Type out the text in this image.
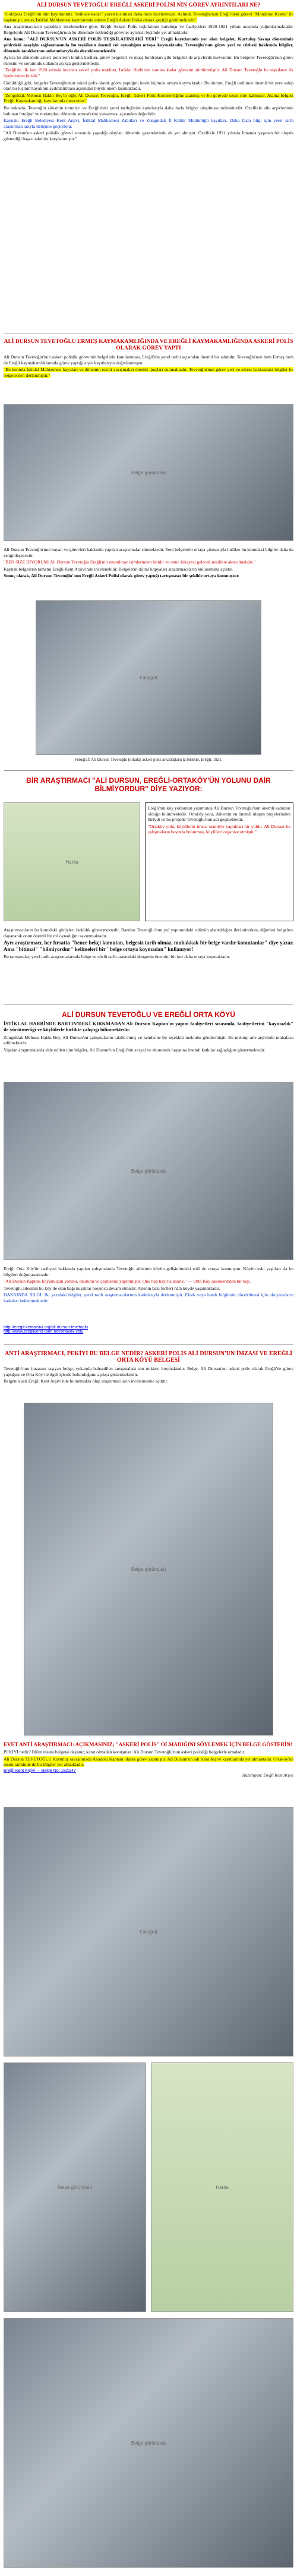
ALİ DURSUN TEVETOĞLU EREĞLİ ASKERİ POLİSİ NİN GÖREV AYRINTILARI NE?

"Goldpass Ereğli'nin tüm kayıtlarında "istiklale kadar" yazan kısımları daha önce incelenmişti. Aslında Tevetoğlu'nun Ereğli'deki görevi "Mondrion Kısmı" ile başlamıştı; ancak İstiklal Mahkemesi kayıtlarında adının Ereğli Askeri Polisi olarak geçtiği görülmektedir."

Ana araştırmacıların yaptıkları incelemelere göre, Ereğli Askeri Polis teşkilatının kuruluşu ve faaliyetleri 1920-1921 yılları arasında yoğunlaşmaktadır. Belgelerde Ali Dursun Tevetoğlu'nun bu dönemde üstlendiği görevler ayrıntılı biçimde yer almaktadır.

Ana konu: "ALİ DURSUN'UN ASKERİ POLİS TEŞKİLATINDAKİ YERİ" Ereğli kayıtlarında yer alan belgeler, Kurtuluş Savaşı döneminde şehirdeki asayişin sağlanmasında bu teşkilatın önemli rol oynadığını ortaya koymaktadır. Tevetoğlu'nun görev yeri ve rütbesi hakkında bilgiler, dönemin tanıklarının anlatımlarıyla da desteklenmektedir.

Ayrıca bu dönemde askeri polislerin kimlik kartları, görev belgeleri ve maaş bordroları gibi belgeler de arşivlerde mevcuttur. Bu belgeler Tevetoğlu'nun görev süresini ve sorumluluk alanını açıkça göstermektedir.

"Ereğli'de ilk kez 1920 yılında kurulan askeri polis teşkilatı, İstiklal Harbi'nin sonuna kadar görevini sürdürmüştür. Ali Dursun Tevetoğlu bu teşkilatın ilk üyelerinden biridir."

Görüldüğü gibi, belgeler Tevetoğlu'nun askeri polis olarak görev yaptığını kesin biçimde ortaya koymaktadır. Bu durum, Ereğli tarihinde önemli bir yere sahip olan bu kişinin hayatının aydınlatılması açısından büyük önem taşımaktadır.

"Zonguldak Mebusu Hakkı Bey'in oğlu Ali Dursun Tevetoğlu, Ereğli Askeri Polis Komiserliği'ne atanmış ve bu görevde uzun süre kalmıştır. Atama belgesi Ereğli Kaymakamlığı kayıtlarında mevcuttur."

Bu noktada, Tevetoğlu ailesinin torunları ve Ereğli'deki yerel tarihçilerin katkılarıyla daha fazla bilgiye ulaşılması mümkündür. Özellikle aile arşivlerinde bulunan fotoğraf ve mektuplar, dönemin atmosferini yansıtması açısından değerlidir.

Kaynak: Ereğli Belediyesi Kent Arşivi, İstiklal Mahkemesi Zabıtları ve Zonguldak İl Kültür Müdürlüğü kayıtları. Daha fazla bilgi için yerel tarih araştırmacılarıyla iletişime geçilebilir.

"Ali Dursun'un askeri polislik görevi sırasında yaşadığı olaylar, dönemin gazetelerinde de yer almıştır. Özellikle 1921 yılında limanda yaşanan bir olayda gösterdiği başarı takdirle karşılanmıştır."

ALİ DURSUN TEVETOĞLU ERMEŞ KAYMAKAMLIĞINDA VE EREĞLİ KAYMAKAMLIĞINDA ASKERİ POLİS OLARAK GÖREV YAPTI

Ali Dursun Tevetoğlu'nun askeri polislik görevinin belgelerle kanıtlanması, Ereğli'nin yerel tarihi açısından önemli bir adımdır. Tevetoğlu'nun hem Ermeş hem de Ereğli kaymakamlıklarında görev yaptığı arşiv kayıtlarıyla doğrulanmıştır.

"Bu konuda İstiklal Mahkemesi kayıtları ve dönemin resmi yazışmaları önemli ipuçları sunmaktadır. Tevetoğlu'nun görev yeri ve süresi hakkındaki bilgiler bu belgelerden derlenmiştir."

Belge görüntüsü

Ali Dursun Tevetoğlu'nun hayatı ve görevleri hakkında yapılan araştırmalar sürmektedir. Yeni belgelerin ortaya çıkmasıyla birlikte bu konudaki bilgiler daha da zenginleşecektir.

"BEN SİZE DİYORUM: Ali Dursun Tevetoğlu Ereğli'nin unutulmaz isimlerinden biridir ve onun hikayesi gelecek nesillere aktarılmalıdır."

Kaynak belgelerin tamamı Ereğli Kent Arşivi'nde incelenebilir. Belgelerin dijital kopyaları araştırmacıların kullanımına açıktır.

Sonuç olarak, Ali Dursun Tevetoğlu'nun Ereğli Askeri Polisi olarak görev yaptığı tartışmasız bir şekilde ortaya konmuştur.

Fotoğraf
Fotoğraf: Ali Dursun Tevetoğlu (ortada) askeri polis arkadaşlarıyla birlikte, Ereğli, 1921.
BİR ARAŞTIRMACI "ALİ DURSUN, EREĞLİ-ORTAKÖY'ÜN YOLUNU DAİR BİLMİYORDUR" DİYE YAZIYOR:
Harita

Ereğli'nin köy yollarının yapımında Ali Dursun Tevetoğlu'nun önemli katkıları olduğu bilinmektedir. Ortaköy yolu, dönemin en önemli ulaşım projelerinden biriydi ve bu projede Tevetoğlu'nun adı geçmektedir.

"Ortaköy yolu, köylülerin imece usulüyle yaptıkları bir yoldu. Ali Dursun bu çalışmaların başında bulunmuş, köylüleri organize etmiştir."

Araştırmacıların bu konudaki görüşleri farklılık göstermektedir. Bazıları Tevetoğlu'nun yol yapımındaki rolünün abartıldığını ileri sürerken, diğerleri belgelere dayanarak onun önemli bir rol oynadığını savunmaktadır.

Ayrı araştırmacı, her fırsatta "bence bekçi komutan, belgesiz tarih olmaz, muhakkak bir belge vardır komutanlar" diye yazar. Ama "bitimal" "bilmiyordur" kelimeleri bir "belge ortaya koymadan" kullanıyor!

Bu tartışmalar, yerel tarih araştırmalarında belge ve sözlü tarih arasındaki dengenin önemini bir kez daha ortaya koymaktadır.

ALİ DURSUN TEVETOĞLU VE EREĞLİ ORTA KÖYÜ

İSTİKLAL HARBİNDE BARTIN'DEKİ KIRKMADAN Ali Dursun Kaptan'ın yapım faaliyetleri sırasında, faaliyetlerini "kayıtsızlık" ile yürütmediği ve köylülerle birlikte çalıştığı bilinmektedir.

Zonguldak Mebusu Hakkı Bey, Ali Dursun'un çalışmalarını takdir etmiş ve kendisine bir teşekkür mektubu göndermiştir. Bu mektup aile arşivinde muhafaza edilmektedir.

Yapılan araştırmalarda elde edilen tüm bilgiler, Ali Dursun'un Ereğli'nin sosyal ve ekonomik hayatına önemli katkılar sağladığını göstermektedir.

Belge görüntüsü

Ereğli Orta Köy'ün tarihçesi hakkında yapılan çalışmalarda Tevetoğlu ailesinin köyün gelişimindeki rolü de ortaya konmuştur. Köyün eski yaşlıları da bu bilgileri doğrulamaktadır.

"Ali Dursun Kaptan, köyümüzün yolunu, okulunu ve çeşmesini yaptırmıştır. Onu hep hayırla anarız." — Orta Köy sakinlerinden bir kişi.

Tevetoğlu ailesinin bu köy ile olan bağı kuşaklar boyunca devam etmiştir. Ailenin bazı fertleri hâlâ köyde yaşamaktadır.

HAKKINDA BİLGİ: Bu yazıdaki bilgiler, yerel tarih araştırmacılarının katkılarıyla derlenmiştir. Eksik veya hatalı bilgilerin düzeltilmesi için okuyucuların katkıları beklenmektedir.

http://eregli-kentarsivi.org/ali-dursun-tevetoglu
http://www.eregliyerel-tarih.net/ortakoy-yolu
ANTİ ARAŞTIRMACI, PEKİYİ BU BELGE NEDİR? ASKERİ POLİS ALİ DURSUN'UN İMZASI VE EREĞLİ ORTA KÖYÜ BELGESİ

Tevetoğlu'nun imzasını taşıyan belge, yukarıda bahsedilen tartışmalara son noktayı koymaktadır. Belge, Ali Dursun'un askeri polis olarak Ereğli'de görev yaptığını ve Orta Köy ile ilgili işlerde bulunduğunu açıkça göstermektedir.

Belgenin aslı Ereğli Kent Arşivi'nde bulunmakta olup araştırmacıların incelemesine açıktır.

Belge görüntüsü

EVET ANTİ ARAŞTIRMACI: AÇIKMASINIZ; "ASKERİ POLİS" OLMADIĞINI SÖYLEMEK İÇİN BELGE GÖSTERİN!

PEKİYİ nedir? Bilim insanı belgeye dayanır; kanıt olmadan konuşmaz. Ali Dursun Tevetoğlu'nun askeri polisliği belgelerle ortadadır.

Ali Dursun TEVETOĞLU Kurtuluş savaşımızda Anadolu Kaptanı olarak görev yapmıştır. Ali Dursun'un adı Kent Arşivi kayıtlarında yer almaktadır. Ortaköy'ün resmi tarihinde de bu bilgiler yer almaktadır.

Ereğli Kent Arşivi — Belge No: 1921/47
Hazırlayan: Ereğli Kent Arşivi
Fotoğraf
Belge görüntüsü	Harita
Belge görüntüsü
